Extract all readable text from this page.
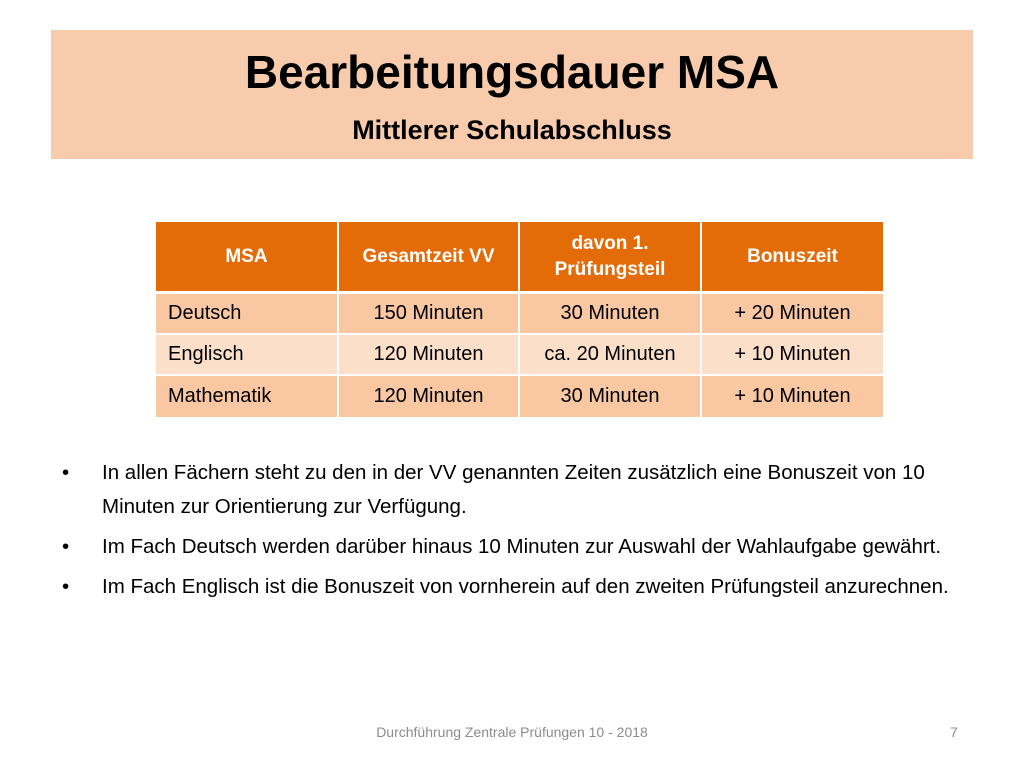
Bearbeitungsdauer MSA
Mittlerer Schulabschluss
MSA	Gesamtzeit VV	davon 1. Prüfungsteil	Bonuszeit
Deutsch	150 Minuten	30 Minuten	+ 20 Minuten
Englisch	120 Minuten	ca. 20 Minuten	+ 10 Minuten
Mathematik	120 Minuten	30 Minuten	+ 10 Minuten
• In allen Fächern steht zu den in der VV genannten Zeiten zusätzlich eine Bonuszeit von 10 Minuten zur Orientierung zur Verfügung.
• Im Fach Deutsch werden darüber hinaus 10 Minuten zur Auswahl der Wahlaufgabe gewährt.
• Im Fach Englisch ist die Bonuszeit von vornherein auf den zweiten Prüfungsteil anzurechnen.
Durchführung Zentrale Prüfungen 10 - 2018	7
